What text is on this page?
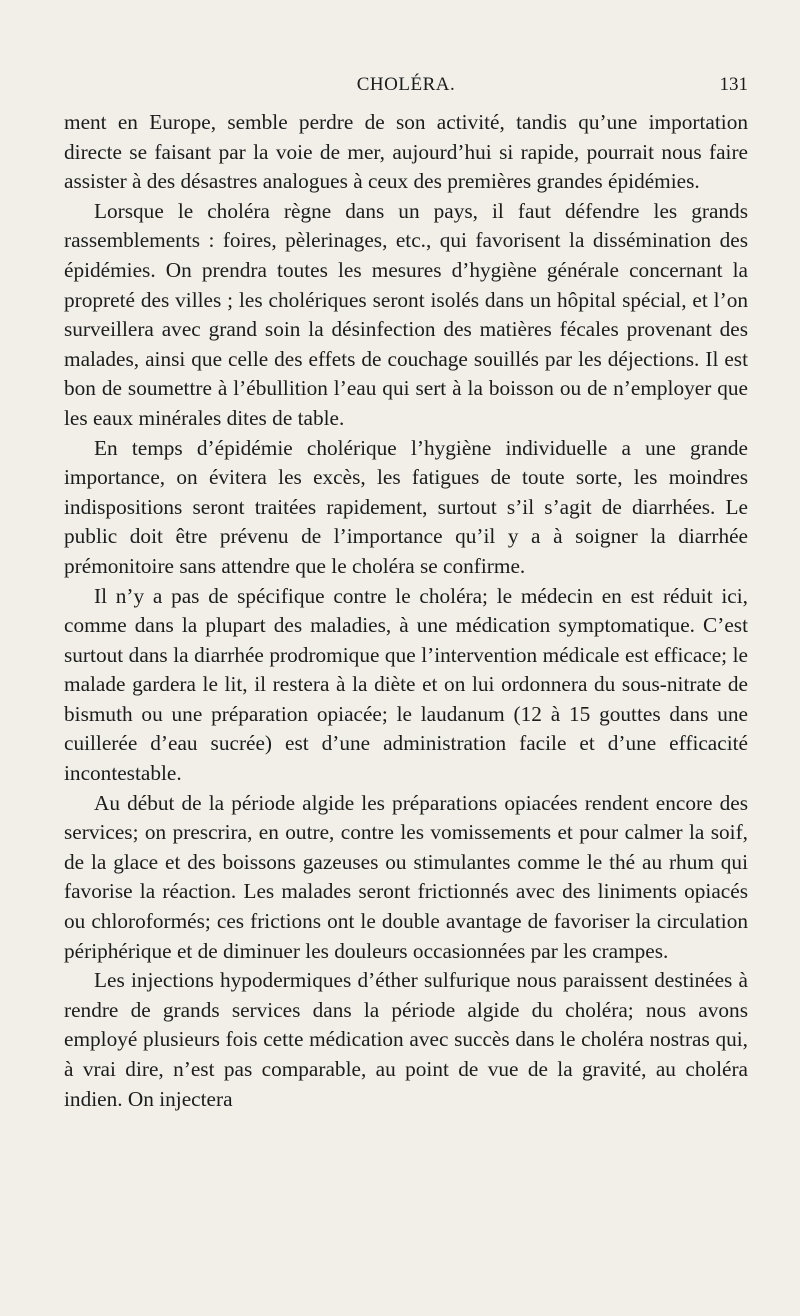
CHOLÉRA.	131

ment en Europe, semble perdre de son activité, tandis qu’une importation directe se faisant par la voie de mer, aujourd’hui si rapide, pourrait nous faire assister à des désastres analogues à ceux des premières grandes épidémies.

Lorsque le choléra règne dans un pays, il faut défendre les grands rassemblements : foires, pèlerinages, etc., qui favorisent la dissémination des épidémies. On prendra toutes les mesures d’hygiène générale concernant la propreté des villes ; les cholériques seront isolés dans un hôpital spécial, et l’on surveillera avec grand soin la désinfection des matières fécales provenant des malades, ainsi que celle des effets de couchage souillés par les déjections. Il est bon de soumettre à l’ébullition l’eau qui sert à la boisson ou de n’employer que les eaux minérales dites de table.

En temps d’épidémie cholérique l’hygiène individuelle a une grande importance, on évitera les excès, les fatigues de toute sorte, les moindres indispositions seront traitées rapidement, surtout s’il s’agit de diarrhées. Le public doit être prévenu de l’importance qu’il y a à soigner la diarrhée prémonitoire sans attendre que le choléra se confirme.

Il n’y a pas de spécifique contre le choléra; le médecin en est réduit ici, comme dans la plupart des maladies, à une médication symptomatique. C’est surtout dans la diarrhée prodromique que l’intervention médicale est efficace; le malade gardera le lit, il restera à la diète et on lui ordonnera du sous-nitrate de bismuth ou une préparation opiacée; le laudanum (12 à 15 gouttes dans une cuillerée d’eau sucrée) est d’une administration facile et d’une efficacité incontestable.

Au début de la période algide les préparations opiacées rendent encore des services; on prescrira, en outre, contre les vomissements et pour calmer la soif, de la glace et des boissons gazeuses ou stimulantes comme le thé au rhum qui favorise la réaction. Les malades seront frictionnés avec des liniments opiacés ou chloroformés; ces frictions ont le double avantage de favoriser la circulation périphérique et de diminuer les douleurs occasionnées par les crampes.

Les injections hypodermiques d’éther sulfurique nous paraissent destinées à rendre de grands services dans la période algide du choléra; nous avons employé plusieurs fois cette médication avec succès dans le choléra nostras qui, à vrai dire, n’est pas comparable, au point de vue de la gravité, au choléra indien. On injectera
